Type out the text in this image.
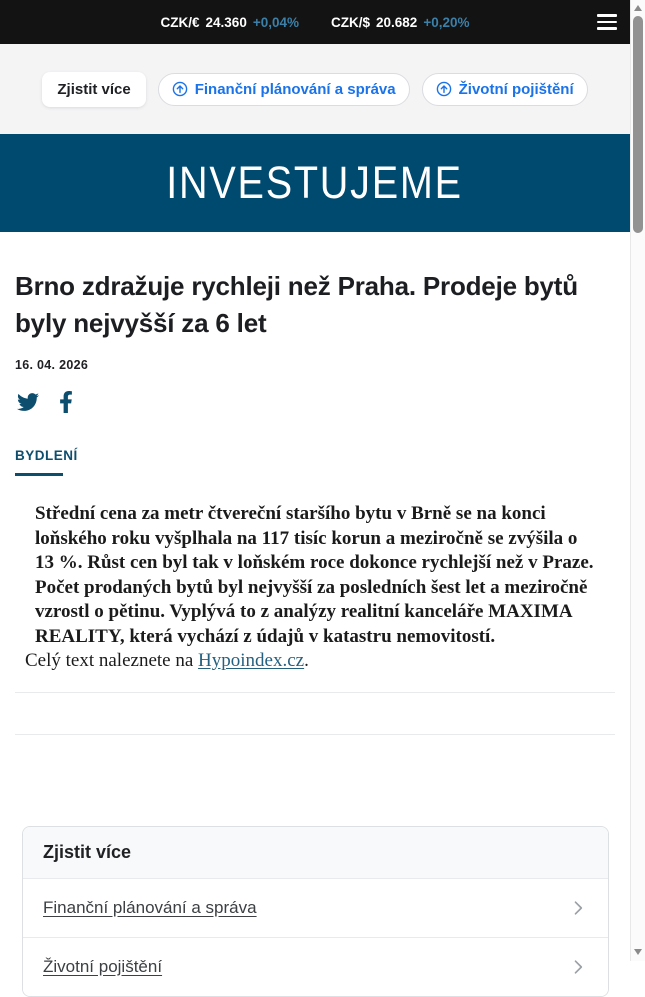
CZK/€ 24.360 +0,04% CZK/$ 20.682 +0,20%
Zjistit více	Finanční plánování a správa	Životní pojištění
INVESTUJEME
Brno zdražuje rychleji než Praha. Prodeje bytů byly nejvyšší za 6 let
16. 04. 2026
BYDLENÍ

Střední cena za metr čtvereční staršího bytu v Brně se na konci loňského roku vyšplhala na 117 tisíc korun a meziročně se zvýšila o 13 %. Růst cen byl tak v loňském roce dokonce rychlejší než v Praze. Počet prodaných bytů byl nejvyšší za posledních šest let a meziročně vzrostl o pětinu. Vyplývá to z analýzy realitní kanceláře MAXIMA REALITY, která vychází z údajů v katastru nemovitostí.
Celý text naleznete na Hypoindex.cz.

Zjistit více
Finanční plánování a správa
Životní pojištění
